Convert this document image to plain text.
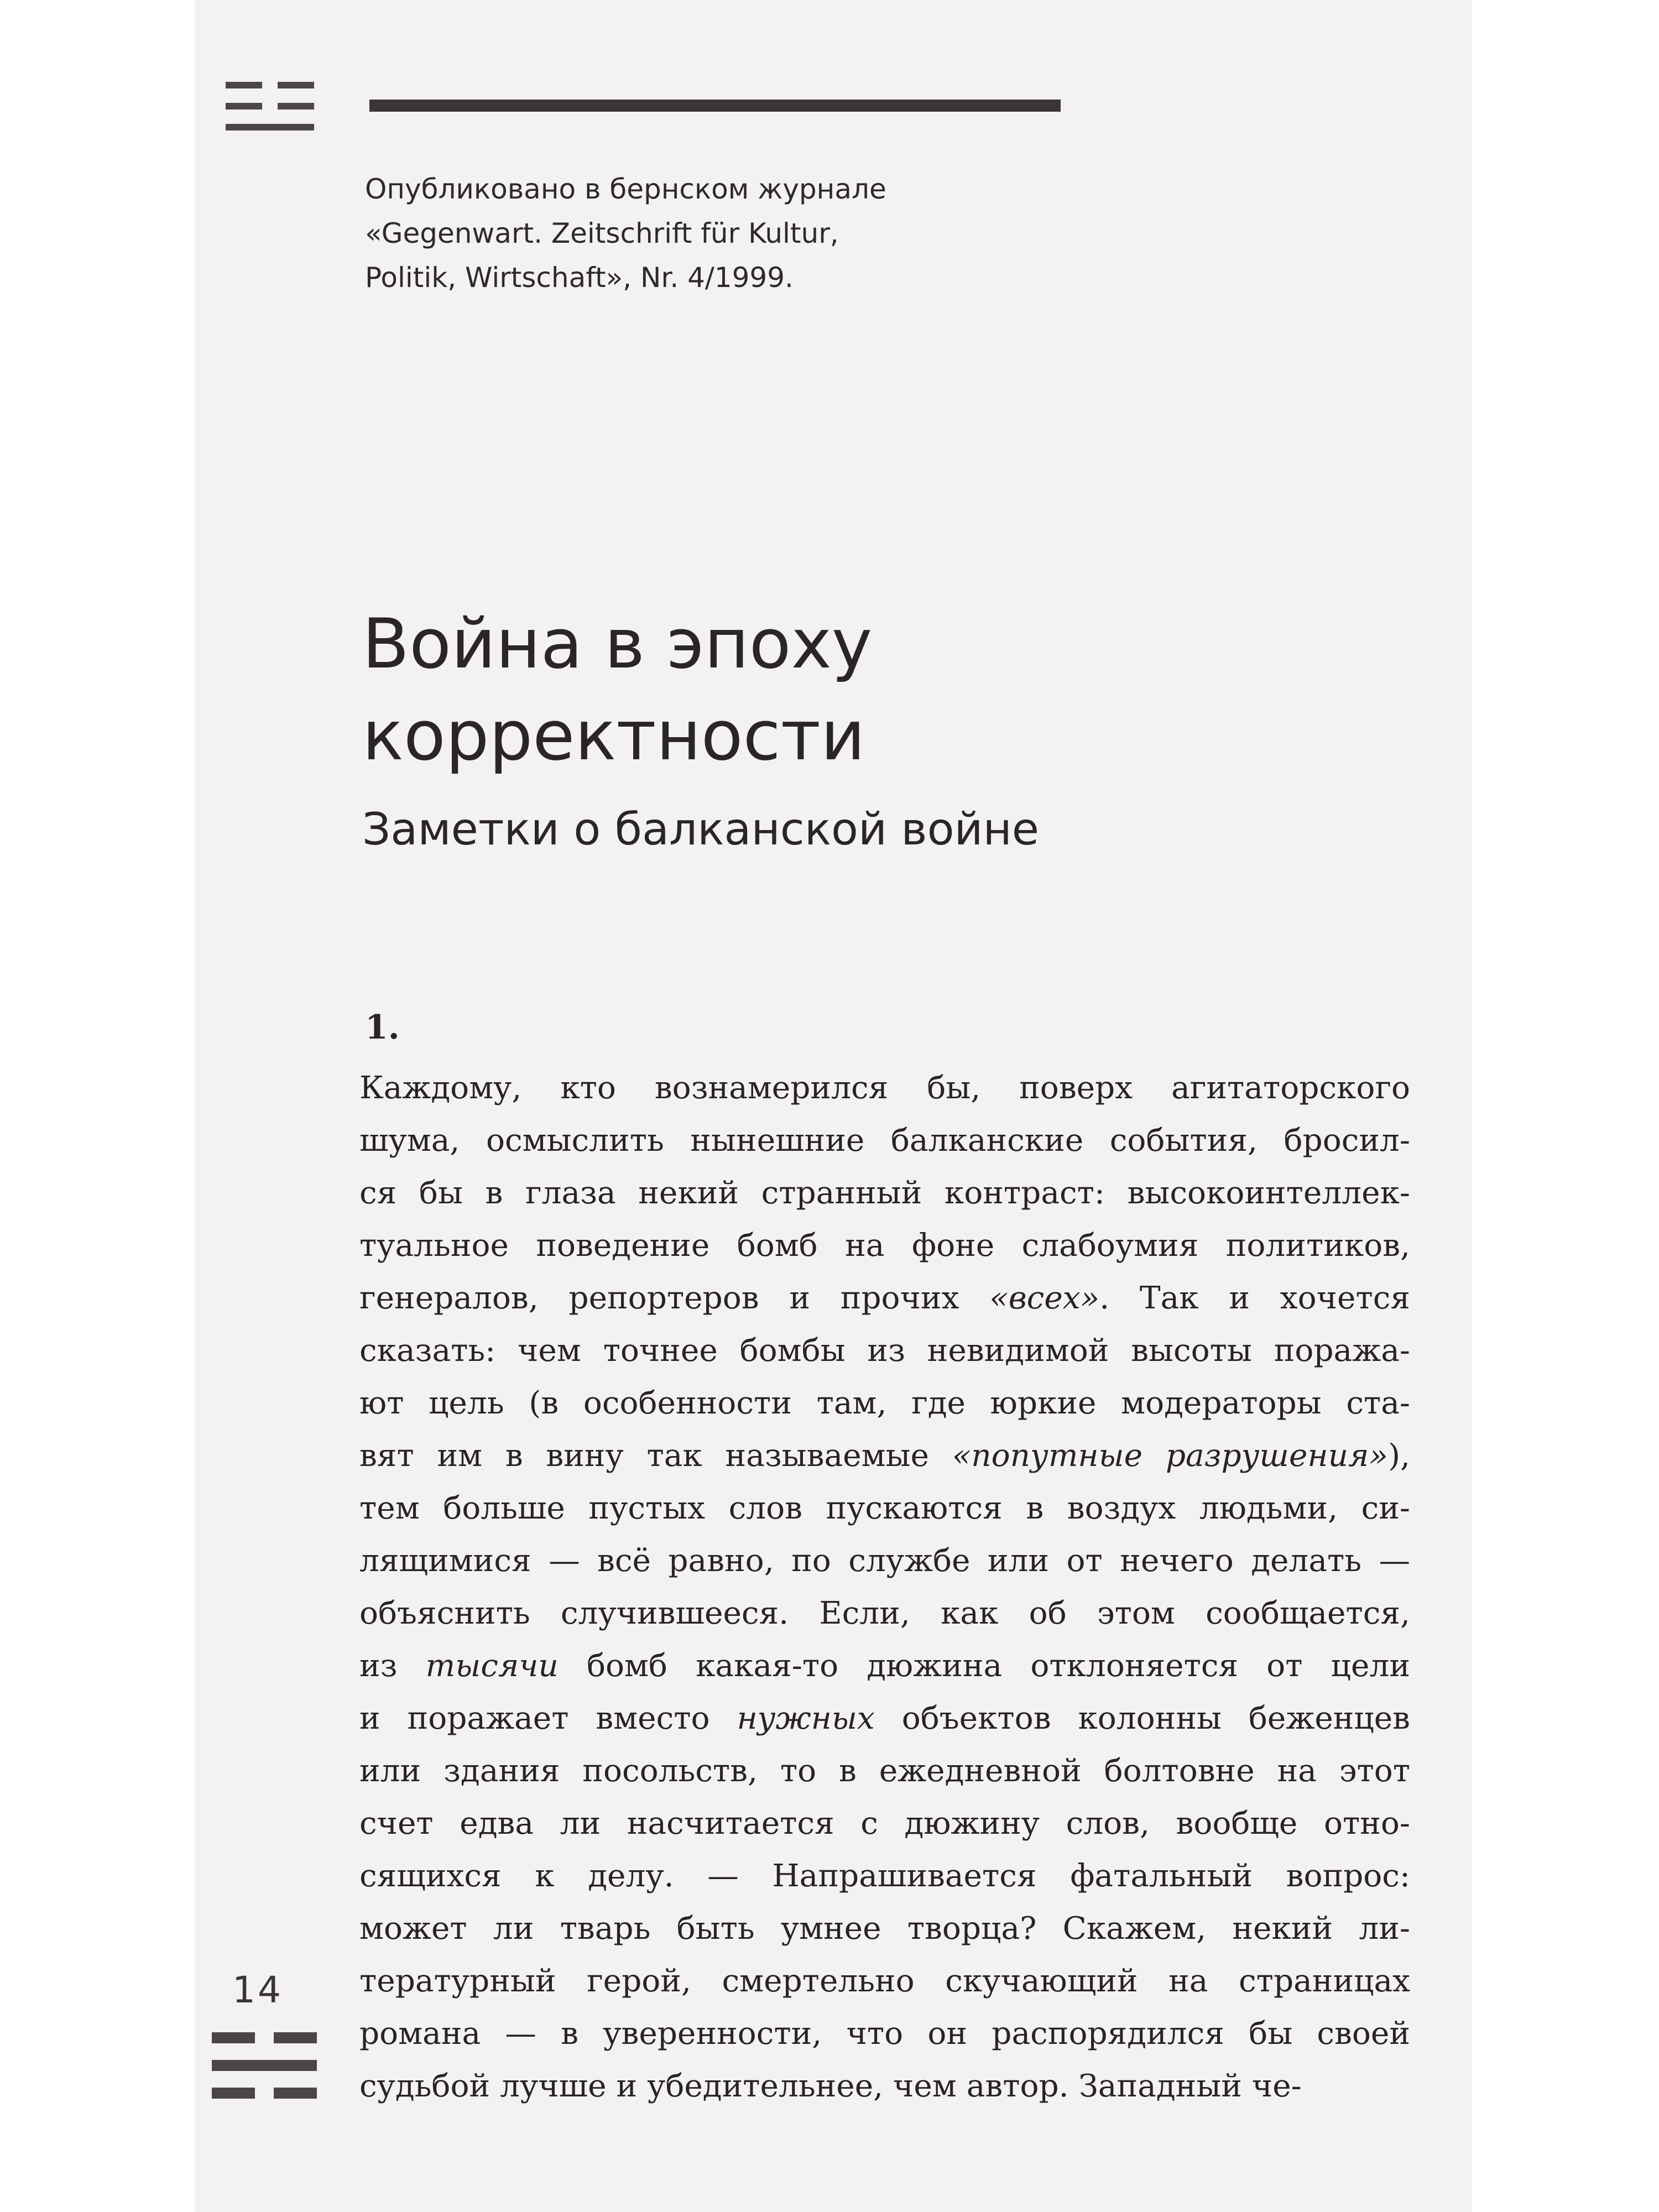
Опубликовано в бернском журнале
«Gegenwart. Zeitschrift für Kultur,
Politik, Wirtschaft», Nr. 4/1999.
Война в эпоху
корректности
Заметки о балканской войне
1.
Каждому, кто вознамерился бы, поверх агитаторского
шума, осмыслить нынешние балканские события, бросил-
ся бы в глаза некий странный контраст: высокоинтеллек-
туальное поведение бомб на фоне слабоумия политиков,
генералов, репортеров и прочих «всех». Так и хочется
сказать: чем точнее бомбы из невидимой высоты поража-
ют цель (в особенности там, где юркие модераторы ста-
вят им в вину так называемые «попутные разрушения»),
тем больше пустых слов пускаются в воздух людьми, си-
лящимися — всё равно, по службе или от нечего делать —
объяснить случившееся. Если, как об этом сообщается,
из тысячи бомб какая-то дюжина отклоняется от цели
и поражает вместо нужных объектов колонны беженцев
или здания посольств, то в ежедневной болтовне на этот
счет едва ли насчитается с дюжину слов, вообще отно-
сящихся к делу. — Напрашивается фатальный вопрос:
может ли тварь быть умнее творца? Скажем, некий ли-
тературный герой, смертельно скучающий на страницах
романа — в уверенности, что он распорядился бы своей
судьбой лучше и убедительнее, чем автор. Западный че-
14
